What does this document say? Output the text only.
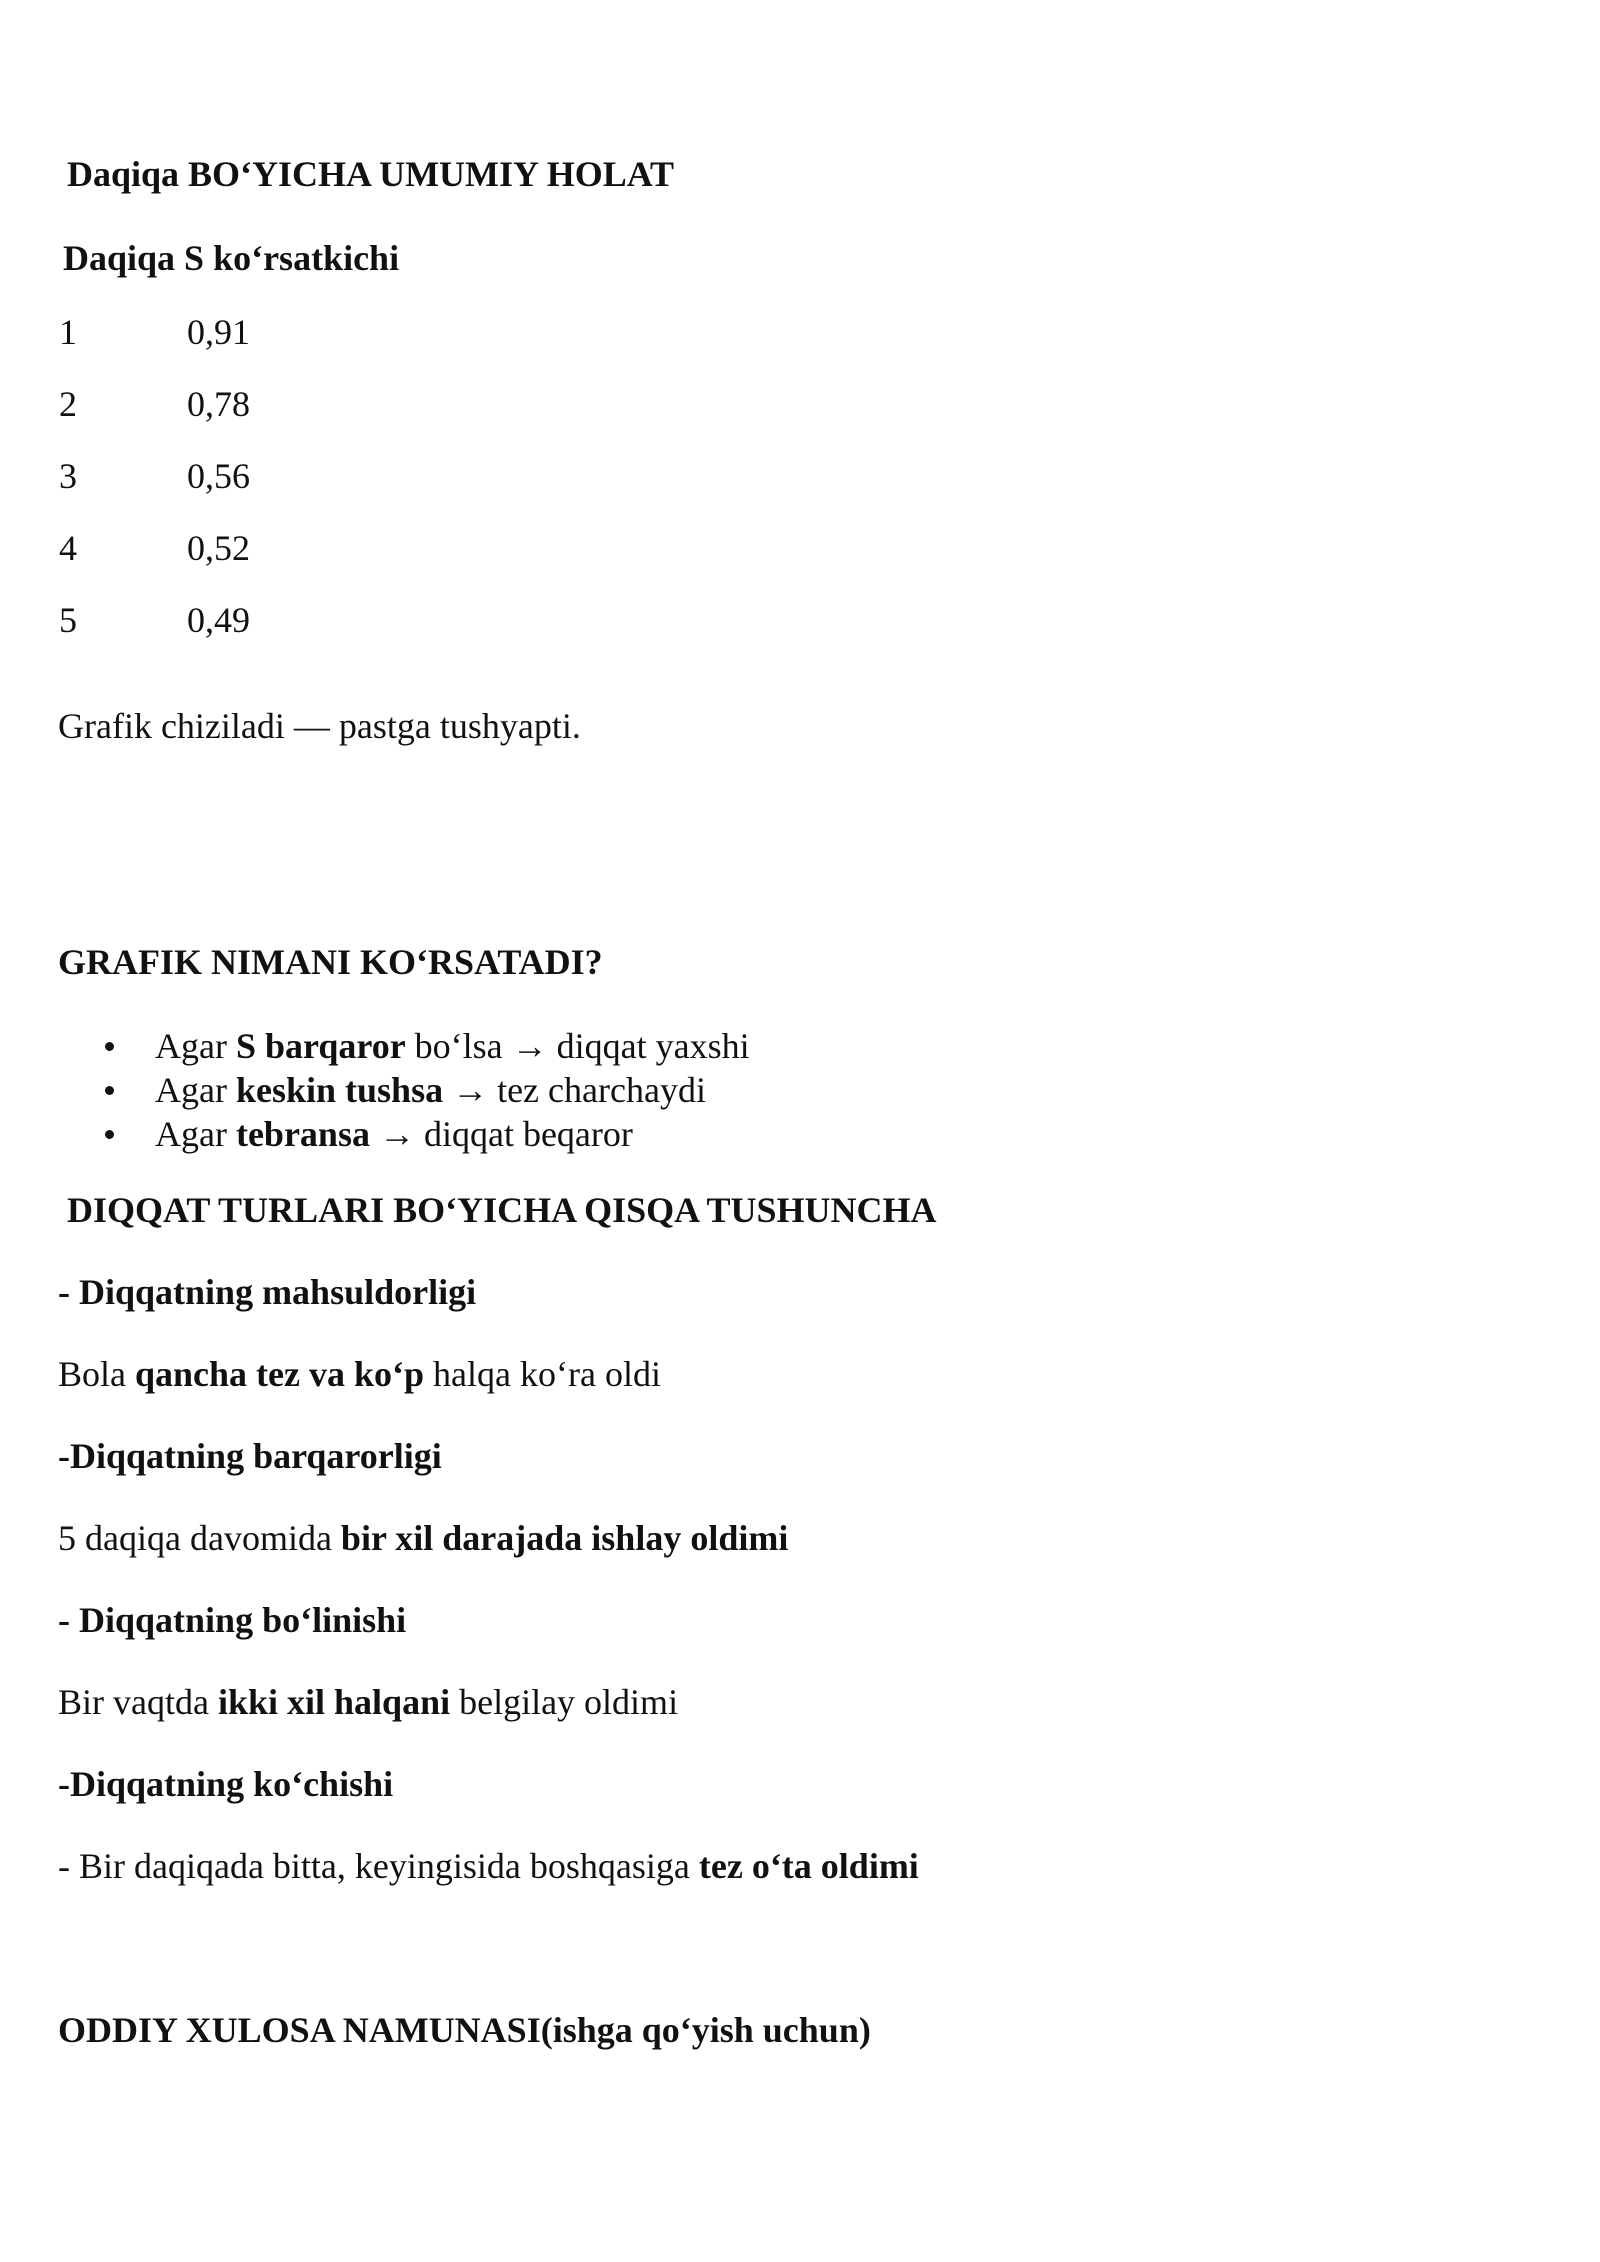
Daqiqa BO‘YICHA UMUMIY HOLAT
Daqiqa S ko‘rsatkichi
1	0,91
2	0,78
3	0,56
4	0,52
5	0,49
Grafik chiziladi — pastga tushyapti.
GRAFIK NIMANI KO‘RSATADI?
Agar S barqaror bo‘lsa → diqqat yaxshi
Agar keskin tushsa → tez charchaydi
Agar tebransa → diqqat beqaror
DIQQAT TURLARI BO‘YICHA QISQA TUSHUNCHA
- Diqqatning mahsuldorligi
Bola qancha tez va ko‘p halqa ko‘ra oldi
-Diqqatning barqarorligi
5 daqiqa davomida bir xil darajada ishlay oldimi
- Diqqatning bo‘linishi
Bir vaqtda ikki xil halqani belgilay oldimi
-Diqqatning ko‘chishi
- Bir daqiqada bitta, keyingisida boshqasiga tez o‘ta oldimi
ODDIY XULOSA NAMUNASI(ishga qo‘yish uchun)
